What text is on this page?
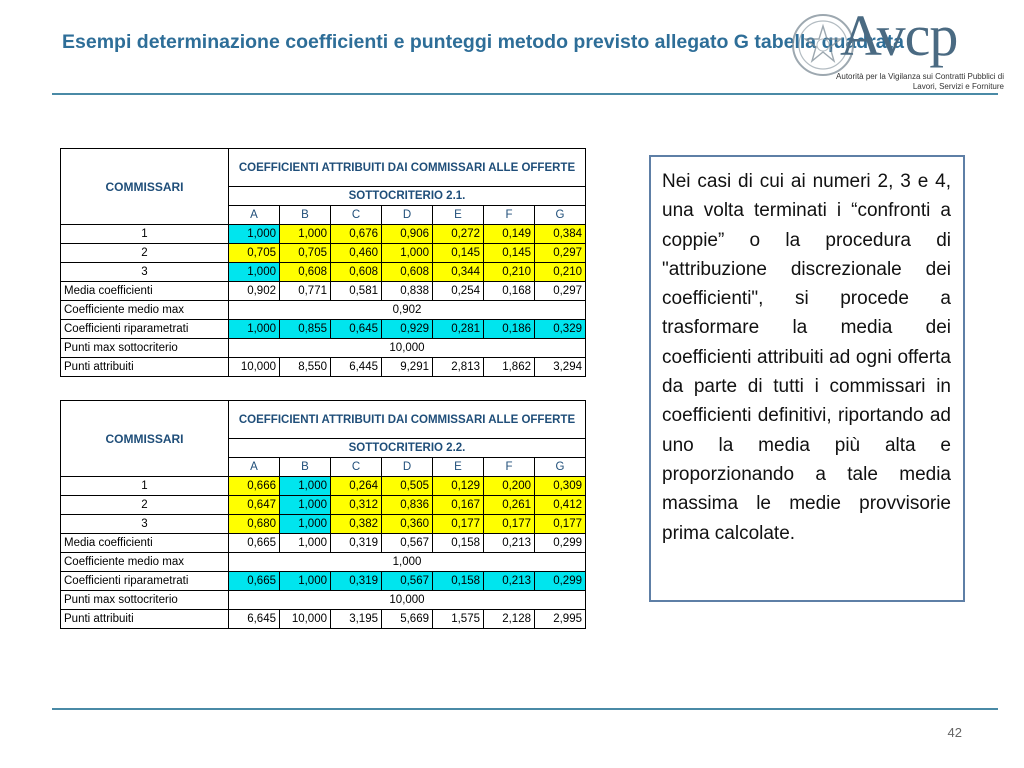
Esempi determinazione coefficienti e punteggi metodo previsto allegato G tabella quadrata
Avcp
Autorità per la Vigilanza sui Contratti Pubblici di Lavori, Servizi e Forniture
COMMISSARI	COEFFICIENTI ATTRIBUITI DAI COMMISSARI ALLE OFFERTE						
	SOTTOCRITERIO 2.1.						
	A	B	C	D	E	F	G
1	1,000	1,000	0,676	0,906	0,272	0,149	0,384
2	0,705	0,705	0,460	1,000	0,145	0,145	0,297
3	1,000	0,608	0,608	0,608	0,344	0,210	0,210
Media coefficienti	0,902	0,771	0,581	0,838	0,254	0,168	0,297
Coefficiente medio max	0,902						
Coefficienti riparametrati	1,000	0,855	0,645	0,929	0,281	0,186	0,329
Punti max sottocriterio	10,000						
Punti attribuiti	10,000	8,550	6,445	9,291	2,813	1,862	3,294
COMMISSARI	COEFFICIENTI ATTRIBUITI DAI COMMISSARI ALLE OFFERTE						
	SOTTOCRITERIO 2.2.						
	A	B	C	D	E	F	G
1	0,666	1,000	0,264	0,505	0,129	0,200	0,309
2	0,647	1,000	0,312	0,836	0,167	0,261	0,412
3	0,680	1,000	0,382	0,360	0,177	0,177	0,177
Media coefficienti	0,665	1,000	0,319	0,567	0,158	0,213	0,299
Coefficiente medio max	1,000						
Coefficienti riparametrati	0,665	1,000	0,319	0,567	0,158	0,213	0,299
Punti max sottocriterio	10,000						
Punti attribuiti	6,645	10,000	3,195	5,669	1,575	2,128	2,995
Nei casi di cui ai numeri 2, 3 e 4, una volta terminati i “confronti a coppie” o la procedura di "attribuzione discrezionale dei coefficienti", si procede a trasformare la media dei coefficienti attribuiti ad ogni offerta da parte di tutti i commissari in coefficienti definitivi, riportando ad uno la media più alta e proporzionando a tale media massima le medie provvisorie prima calcolate.
42
